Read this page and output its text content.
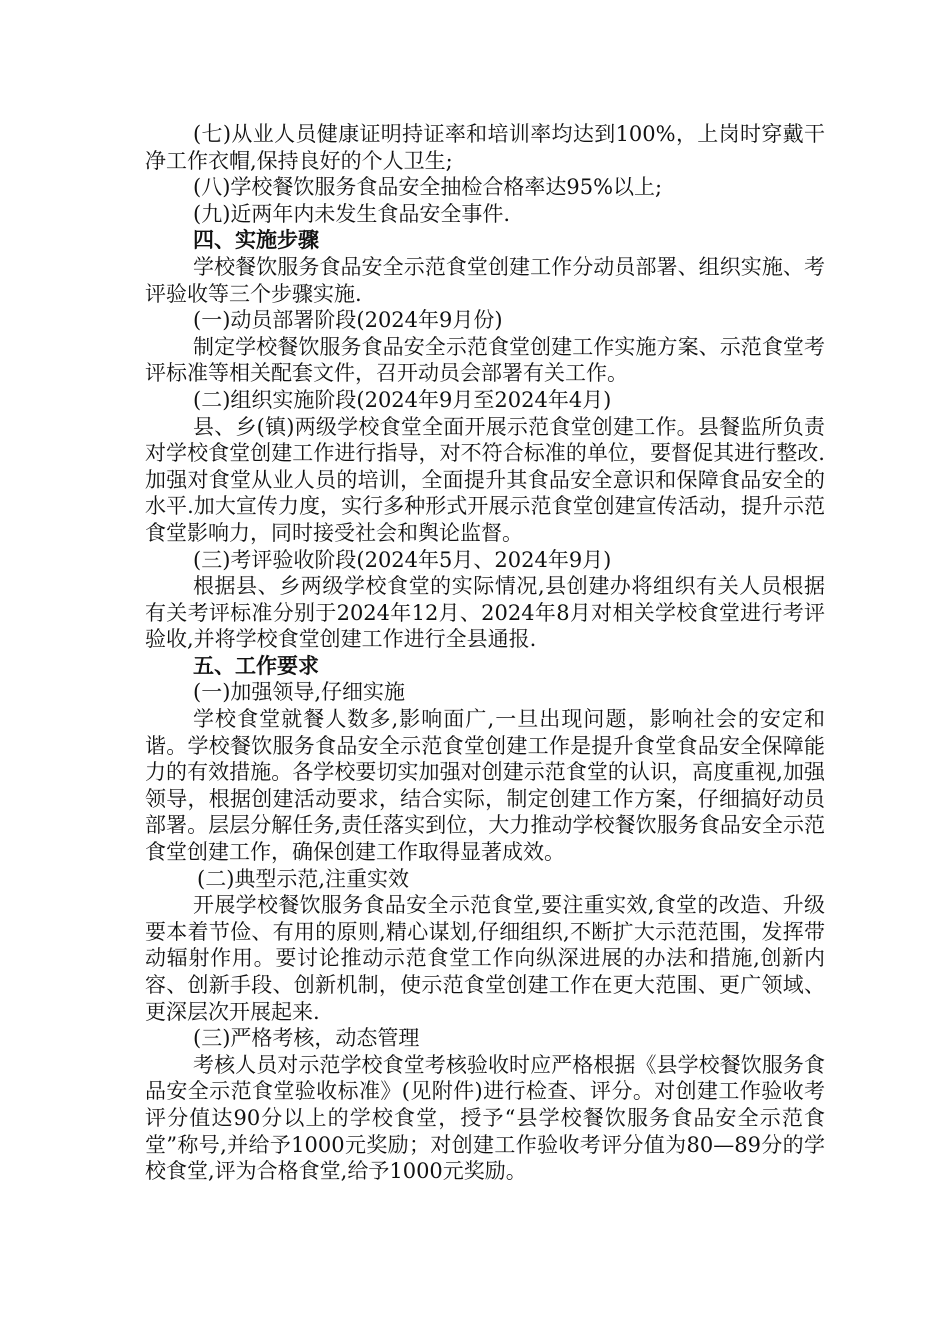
(七)从业人员健康证明持证率和培训率均达到100%，上岗时穿戴干净工作衣帽,保持良好的个人卫生;

(八)学校餐饮服务食品安全抽检合格率达95%以上;

(九)近两年内未发生食品安全事件.

四、实施步骤

学校餐饮服务食品安全示范食堂创建工作分动员部署、组织实施、考评验收等三个步骤实施.

(一)动员部署阶段(2024年9月份)

制定学校餐饮服务食品安全示范食堂创建工作实施方案、示范食堂考评标准等相关配套文件，召开动员会部署有关工作。

(二)组织实施阶段(2024年9月至2024年4月)

县、乡(镇)两级学校食堂全面开展示范食堂创建工作。县餐监所负责对学校食堂创建工作进行指导，对不符合标准的单位，要督促其进行整改.加强对食堂从业人员的培训，全面提升其食品安全意识和保障食品安全的水平.加大宣传力度，实行多种形式开展示范食堂创建宣传活动，提升示范食堂影响力，同时接受社会和舆论监督。

(三)考评验收阶段(2024年5月、2024年9月)

根据县、乡两级学校食堂的实际情况,县创建办将组织有关人员根据有关考评标准分别于2024年12月、2024年8月对相关学校食堂进行考评验收,并将学校食堂创建工作进行全县通报.

五、工作要求

(一)加强领导,仔细实施

学校食堂就餐人数多,影响面广,一旦出现问题，影响社会的安定和谐。学校餐饮服务食品安全示范食堂创建工作是提升食堂食品安全保障能力的有效措施。各学校要切实加强对创建示范食堂的认识，高度重视,加强领导，根据创建活动要求，结合实际，制定创建工作方案，仔细搞好动员部署。层层分解任务,责任落实到位，大力推动学校餐饮服务食品安全示范食堂创建工作，确保创建工作取得显著成效。

(二)典型示范,注重实效

开展学校餐饮服务食品安全示范食堂,要注重实效,食堂的改造、升级要本着节俭、有用的原则,精心谋划,仔细组织,不断扩大示范范围，发挥带动辐射作用。要讨论推动示范食堂工作向纵深进展的办法和措施,创新内容、创新手段、创新机制，使示范食堂创建工作在更大范围、更广领域、更深层次开展起来.

(三)严格考核，动态管理

考核人员对示范学校食堂考核验收时应严格根据《县学校餐饮服务食品安全示范食堂验收标准》(见附件)进行检查、评分。对创建工作验收考评分值达90分以上的学校食堂，授予“县学校餐饮服务食品安全示范食堂”称号,并给予1000元奖励；对创建工作验收考评分值为80—89分的学校食堂,评为合格食堂,给予1000元奖励。
